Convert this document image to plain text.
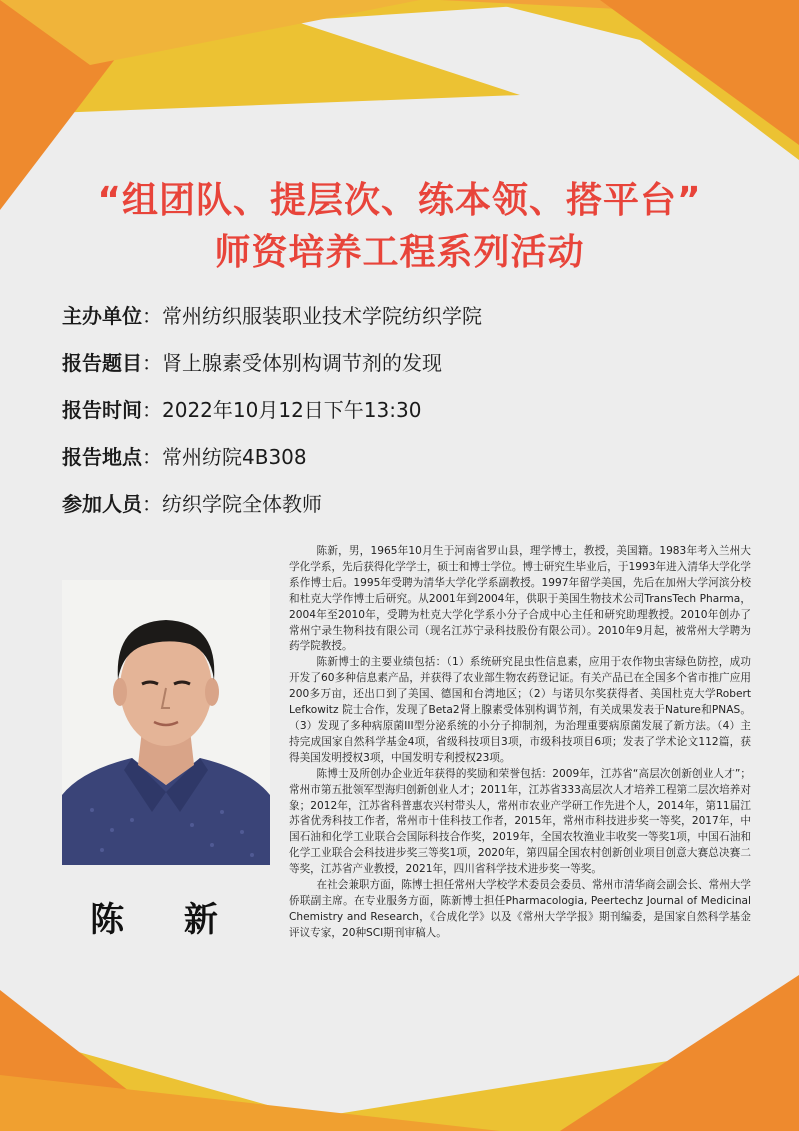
“组团队、提层次、练本领、搭平台”
师资培养工程系列活动
主办单位：常州纺织服装职业技术学院纺织学院
报告题目：肾上腺素受体别构调节剂的发现
报告时间：2022年10月12日下午13:30
报告地点：常州纺院4B308
参加人员：纺织学院全体教师
陈 新

陈新，男，1965年10月生于河南省罗山县，理学博士，教授，美国籍。1983年考入兰州大学化学系，先后获得化学学士，硕士和博士学位。博士研究生毕业后，于1993年进入清华大学化学系作博士后。1995年受聘为清华大学化学系副教授。1997年留学美国，先后在加州大学河滨分校和杜克大学作博士后研究。从2001年到2004年，供职于美国生物技术公司TransTech Pharma，2004年至2010年，受聘为杜克大学化学系小分子合成中心主任和研究助理教授。2010年创办了常州宁录生物科技有限公司（现名江苏宁录科技股份有限公司）。2010年9月起，被常州大学聘为药学院教授。

陈新博士的主要业绩包括：（1）系统研究昆虫性信息素，应用于农作物虫害绿色防控，成功开发了60多种信息素产品，并获得了农业部生物农药登记证。有关产品已在全国多个省市推广应用200多万亩，还出口到了美国、德国和台湾地区；（2）与诺贝尔奖获得者、美国杜克大学Robert Lefkowitz 院士合作，发现了Beta2肾上腺素受体别构调节剂，有关成果发表于Nature和PNAS。（3）发现了多种病原菌III型分泌系统的小分子抑制剂，为治理重要病原菌发展了新方法。（4）主持完成国家自然科学基金4项，省级科技项目3项，市级科技项目6项；发表了学术论文112篇，获得美国发明授权3项，中国发明专利授权23项。

陈博士及所创办企业近年获得的奖励和荣誉包括：2009年，江苏省“高层次创新创业人才”；常州市第五批领军型海归创新创业人才；2011年，江苏省333高层次人才培养工程第二层次培养对象；2012年，江苏省科普惠农兴村带头人，常州市农业产学研工作先进个人，2014年，第11届江苏省优秀科技工作者，常州市十佳科技工作者，2015年，常州市科技进步奖一等奖，2017年，中国石油和化学工业联合会国际科技合作奖，2019年，全国农牧渔业丰收奖一等奖1项，中国石油和化学工业联合会科技进步奖三等奖1项，2020年，第四届全国农村创新创业项目创意大赛总决赛二等奖，江苏省产业教授，2021年，四川省科学技术进步奖一等奖。

在社会兼职方面，陈博士担任常州大学校学术委员会委员、常州市清华商会副会长、常州大学侨联副主席。在专业服务方面，陈新博士担任Pharmacologia, Peertechz Journal of Medicinal Chemistry and Research，《合成化学》以及《常州大学学报》期刊编委，是国家自然科学基金评议专家，20种SCI期刊审稿人。
